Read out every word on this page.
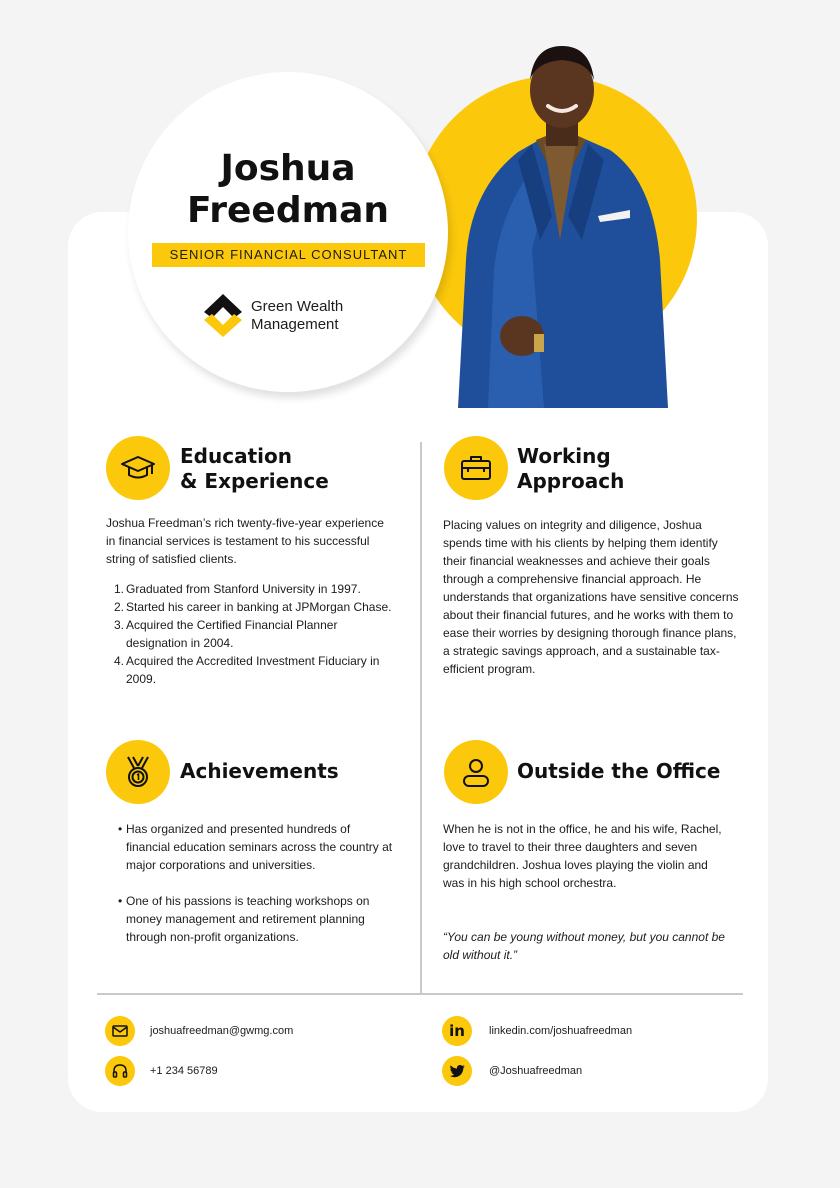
Joshua
Freedman
SENIOR FINANCIAL CONSULTANT
Green Wealth
Management
Education
& Experience
Joshua Freedman’s rich twenty-five-year experience in financial services is testament to his successful string of satisfied clients.
1. Graduated from Stanford University in 1997.
2. Started his career in banking at JPMorgan Chase.
3. Acquired the Certified Financial Planner designation in 2004.
4. Acquired the Accredited Investment Fiduciary in 2009.
Working
Approach
Placing values on integrity and diligence, Joshua spends time with his clients by helping them identify their financial weaknesses and achieve their goals through a comprehensive financial approach. He understands that organizations have sensitive concerns about their financial futures, and he works with them to ease their worries by designing thorough finance plans, a strategic savings approach, and a sustainable tax-efficient program.
Achievements
• Has organized and presented hundreds of financial education seminars across the country at major corporations and universities.
• One of his passions is teaching workshops on money management and retirement planning through non-profit organizations.
Outside the Office
When he is not in the office, he and his wife, Rachel, love to travel to their three daughters and seven grandchildren. Joshua loves playing the violin and was in his high school orchestra.
“You can be young without money, but you cannot be old without it.”
joshuafreedman@gwmg.com
+1 234 56789
in linkedin.com/joshuafreedman
@Joshuafreedman
